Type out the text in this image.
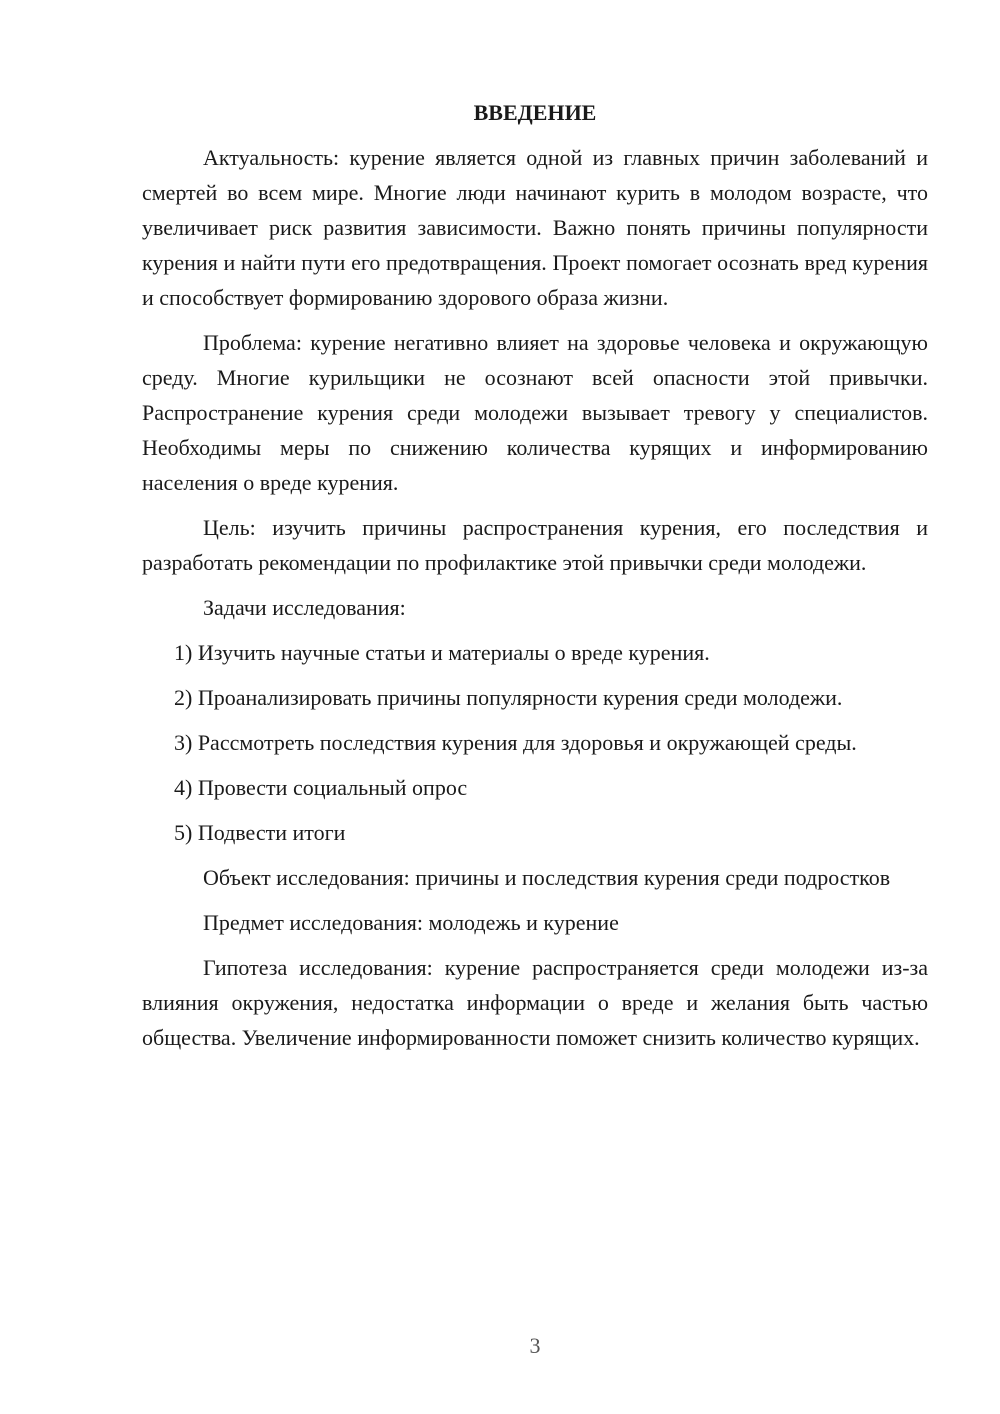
ВВЕДЕНИЕ

Актуальность: курение является одной из главных причин заболеваний и смертей во всем мире. Многие люди начинают курить в молодом возрасте, что увеличивает риск развития зависимости. Важно понять причины популярности курения и найти пути его предотвращения. Проект помогает осознать вред курения и способствует формированию здорового образа жизни.

Проблема: курение негативно влияет на здоровье человека и окружающую среду. Многие курильщики не осознают всей опасности этой привычки. Распространение курения среди молодежи вызывает тревогу у специалистов. Необходимы меры по снижению количества курящих и информированию населения о вреде курения.

Цель: изучить причины распространения курения, его последствия и разработать рекомендации по профилактике этой привычки среди молодежи.

Задачи исследования:

1) Изучить научные статьи и материалы о вреде курения.

2) Проанализировать причины популярности курения среди молодежи.

3) Рассмотреть последствия курения для здоровья и окружающей среды.

4) Провести социальный опрос

5) Подвести итоги

Объект исследования: причины и последствия курения среди подростков

Предмет исследования: молодежь и курение

Гипотеза исследования: курение распространяется среди молодежи из-за влияния окружения, недостатка информации о вреде и желания быть частью общества. Увеличение информированности поможет снизить количество курящих.

3
